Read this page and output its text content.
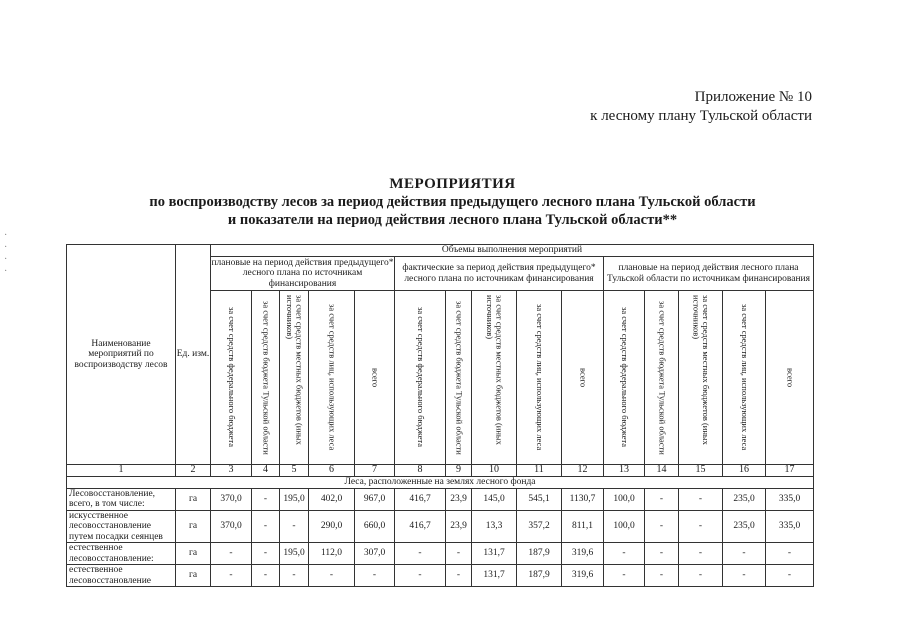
·
·
·
·
Приложение № 10
к лесному плану Тульской области
МЕРОПРИЯТИЯ
по воспроизводству лесов за период действия предыдущего лесного плана Тульской области
и показатели на период действия лесного плана Тульской области**
Наименование мероприятий по воспроизводству лесов	Ед. изм.	Объемы выполнения мероприятий														
		плановые на период действия предыдущего* лесного плана по источникам финансирования					фактические за период действия предыдущего* лесного плана по источникам финансирования					плановые на период действия лесного плана Тульской области по источникам финансирования				

		за счет средств федерального бюджета	за счет средств бюджета Тульской области	за счет средств местных бюджетов (иных источников)	за счет средств лиц, использующих леса	всего	за счет средств федерального бюджета	за счет средств бюджета Тульской области	за счет средств местных бюджетов (иных источников)	за счет средств лиц, использующих леса	всего	за счет средств федерального бюджета	за счет средств бюджета Тульской области	за счет средств местных бюджетов (иных источников)	за счет средств лиц, использующих леса	всего

1	2	3	4	5	6	7	8	9	10	11	12	13	14	15	16	17
Леса, расположенные на землях лесного фонда																
Лесовосстановление, всего, в том числе:	га	370,0	-	195,0	402,0	967,0	416,7	23,9	145,0	545,1	1130,7	100,0	-	-	235,0	335,0
искусственное лесовосстановление путем посадки сеянцев	га	370,0	-	-	290,0	660,0	416,7	23,9	13,3	357,2	811,1	100,0	-	-	235,0	335,0
естественное лесовосстановление:	га	-	-	195,0	112,0	307,0	-	-	131,7	187,9	319,6	-	-	-	-	-
естественное лесовосстановление	га	-	-	-	-	-	-	-	131,7	187,9	319,6	-	-	-	-	-
